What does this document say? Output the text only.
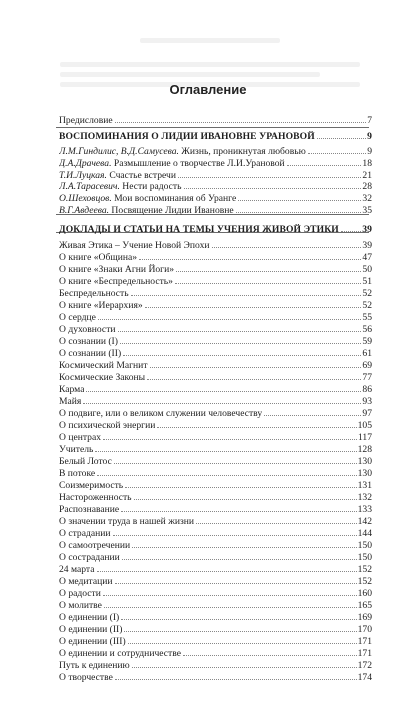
Оглавление
Предисловие	7
ВОСПОМИНАНИЯ О ЛИДИИ ИВАНОВНЕ УРАНОВОЙ	9
Л.М.Гиндилис, В.Д.Самусева. Жизнь, проникнутая любовью	9
Д.А.Драчева. Размышление о творчестве Л.И.Урановой	18
Т.И.Луцкая. Счастье встречи	21
Л.А.Тарасевич. Нести радость	28
О.Шеховцов. Мои воспоминания об Уранге	32
В.Г.Авдеева. Посвящение Лидии Ивановне	35
ДОКЛАДЫ И СТАТЬИ НА ТЕМЫ УЧЕНИЯ ЖИВОЙ ЭТИКИ 39
Живая Этика – Учение Новой Эпохи	39
О книге «Община»	47
О книге «Знаки Агни Йоги»	50
О книге «Беспредельность»	51
Беспредельность	52
О книге «Иерархия»	52
О сердце	55
О духовности	56
О сознании (I)	59
О сознании (II)	61
Космический Магнит	69
Космические Законы	77
Карма	86
Майя	93
О подвиге, или о великом служении человечеству	97
О психической энергии	105
О центрах	117
Учитель	128
Белый Лотос	130
В потоке	130
Соизмеримость	131
Настороженность	132
Распознавание	133
О значении труда в нашей жизни	142
О страдании	144
О самоотречении	150
О сострадании	150
24 марта	152
О медитации	152
О радости	160
О молитве	165
О единении (I)	169
О единении (II)	170
О единении (III)	171
О единении и сотрудничестве	171
Путь к единению	172
О творчестве	174
